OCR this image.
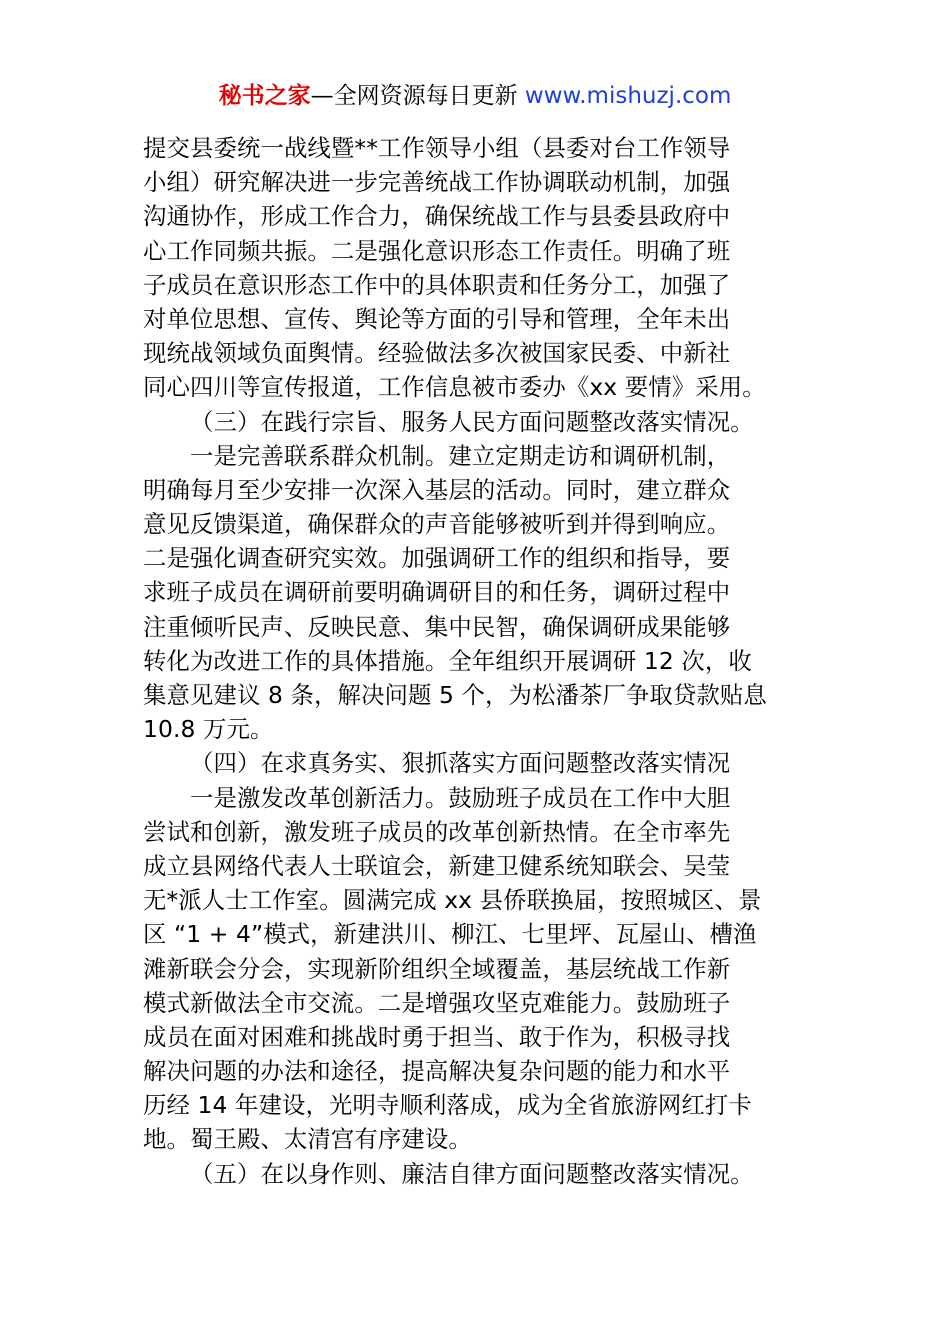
秘书之家—全网资源每日更新 www.mishuzj.com
提交县委统一战线暨**工作领导小组（县委对台工作领导
小组）研究解决进一步完善统战工作协调联动机制，加强
沟通协作，形成工作合力，确保统战工作与县委县政府中
心工作同频共振。二是强化意识形态工作责任。明确了班
子成员在意识形态工作中的具体职责和任务分工，加强了
对单位思想、宣传、舆论等方面的引导和管理，全年未出
现统战领域负面舆情。经验做法多次被国家民委、中新社
同心四川等宣传报道，工作信息被市委办《xx 要情》采用。
（三）在践行宗旨、服务人民方面问题整改落实情况。
一是完善联系群众机制。建立定期走访和调研机制，
明确每月至少安排一次深入基层的活动。同时，建立群众
意见反馈渠道，确保群众的声音能够被听到并得到响应。
二是强化调查研究实效。加强调研工作的组织和指导，要
求班子成员在调研前要明确调研目的和任务，调研过程中
注重倾听民声、反映民意、集中民智，确保调研成果能够
转化为改进工作的具体措施。全年组织开展调研 12 次，收
集意见建议 8 条，解决问题 5 个，为松潘茶厂争取贷款贴息
10.8 万元。
（四）在求真务实、狠抓落实方面问题整改落实情况
一是激发改革创新活力。鼓励班子成员在工作中大胆
尝试和创新，激发班子成员的改革创新热情。在全市率先
成立县网络代表人士联谊会，新建卫健系统知联会、吴莹
无*派人士工作室。圆满完成 xx 县侨联换届，按照城区、景
区 “1 + 4”模式，新建洪川、柳江、七里坪、瓦屋山、槽渔
滩新联会分会，实现新阶组织全域覆盖，基层统战工作新
模式新做法全市交流。二是增强攻坚克难能力。鼓励班子
成员在面对困难和挑战时勇于担当、敢于作为，积极寻找
解决问题的办法和途径，提高解决复杂问题的能力和水平
历经 14 年建设，光明寺顺利落成，成为全省旅游网红打卡
地。蜀王殿、太清宫有序建设。
（五）在以身作则、廉洁自律方面问题整改落实情况。
